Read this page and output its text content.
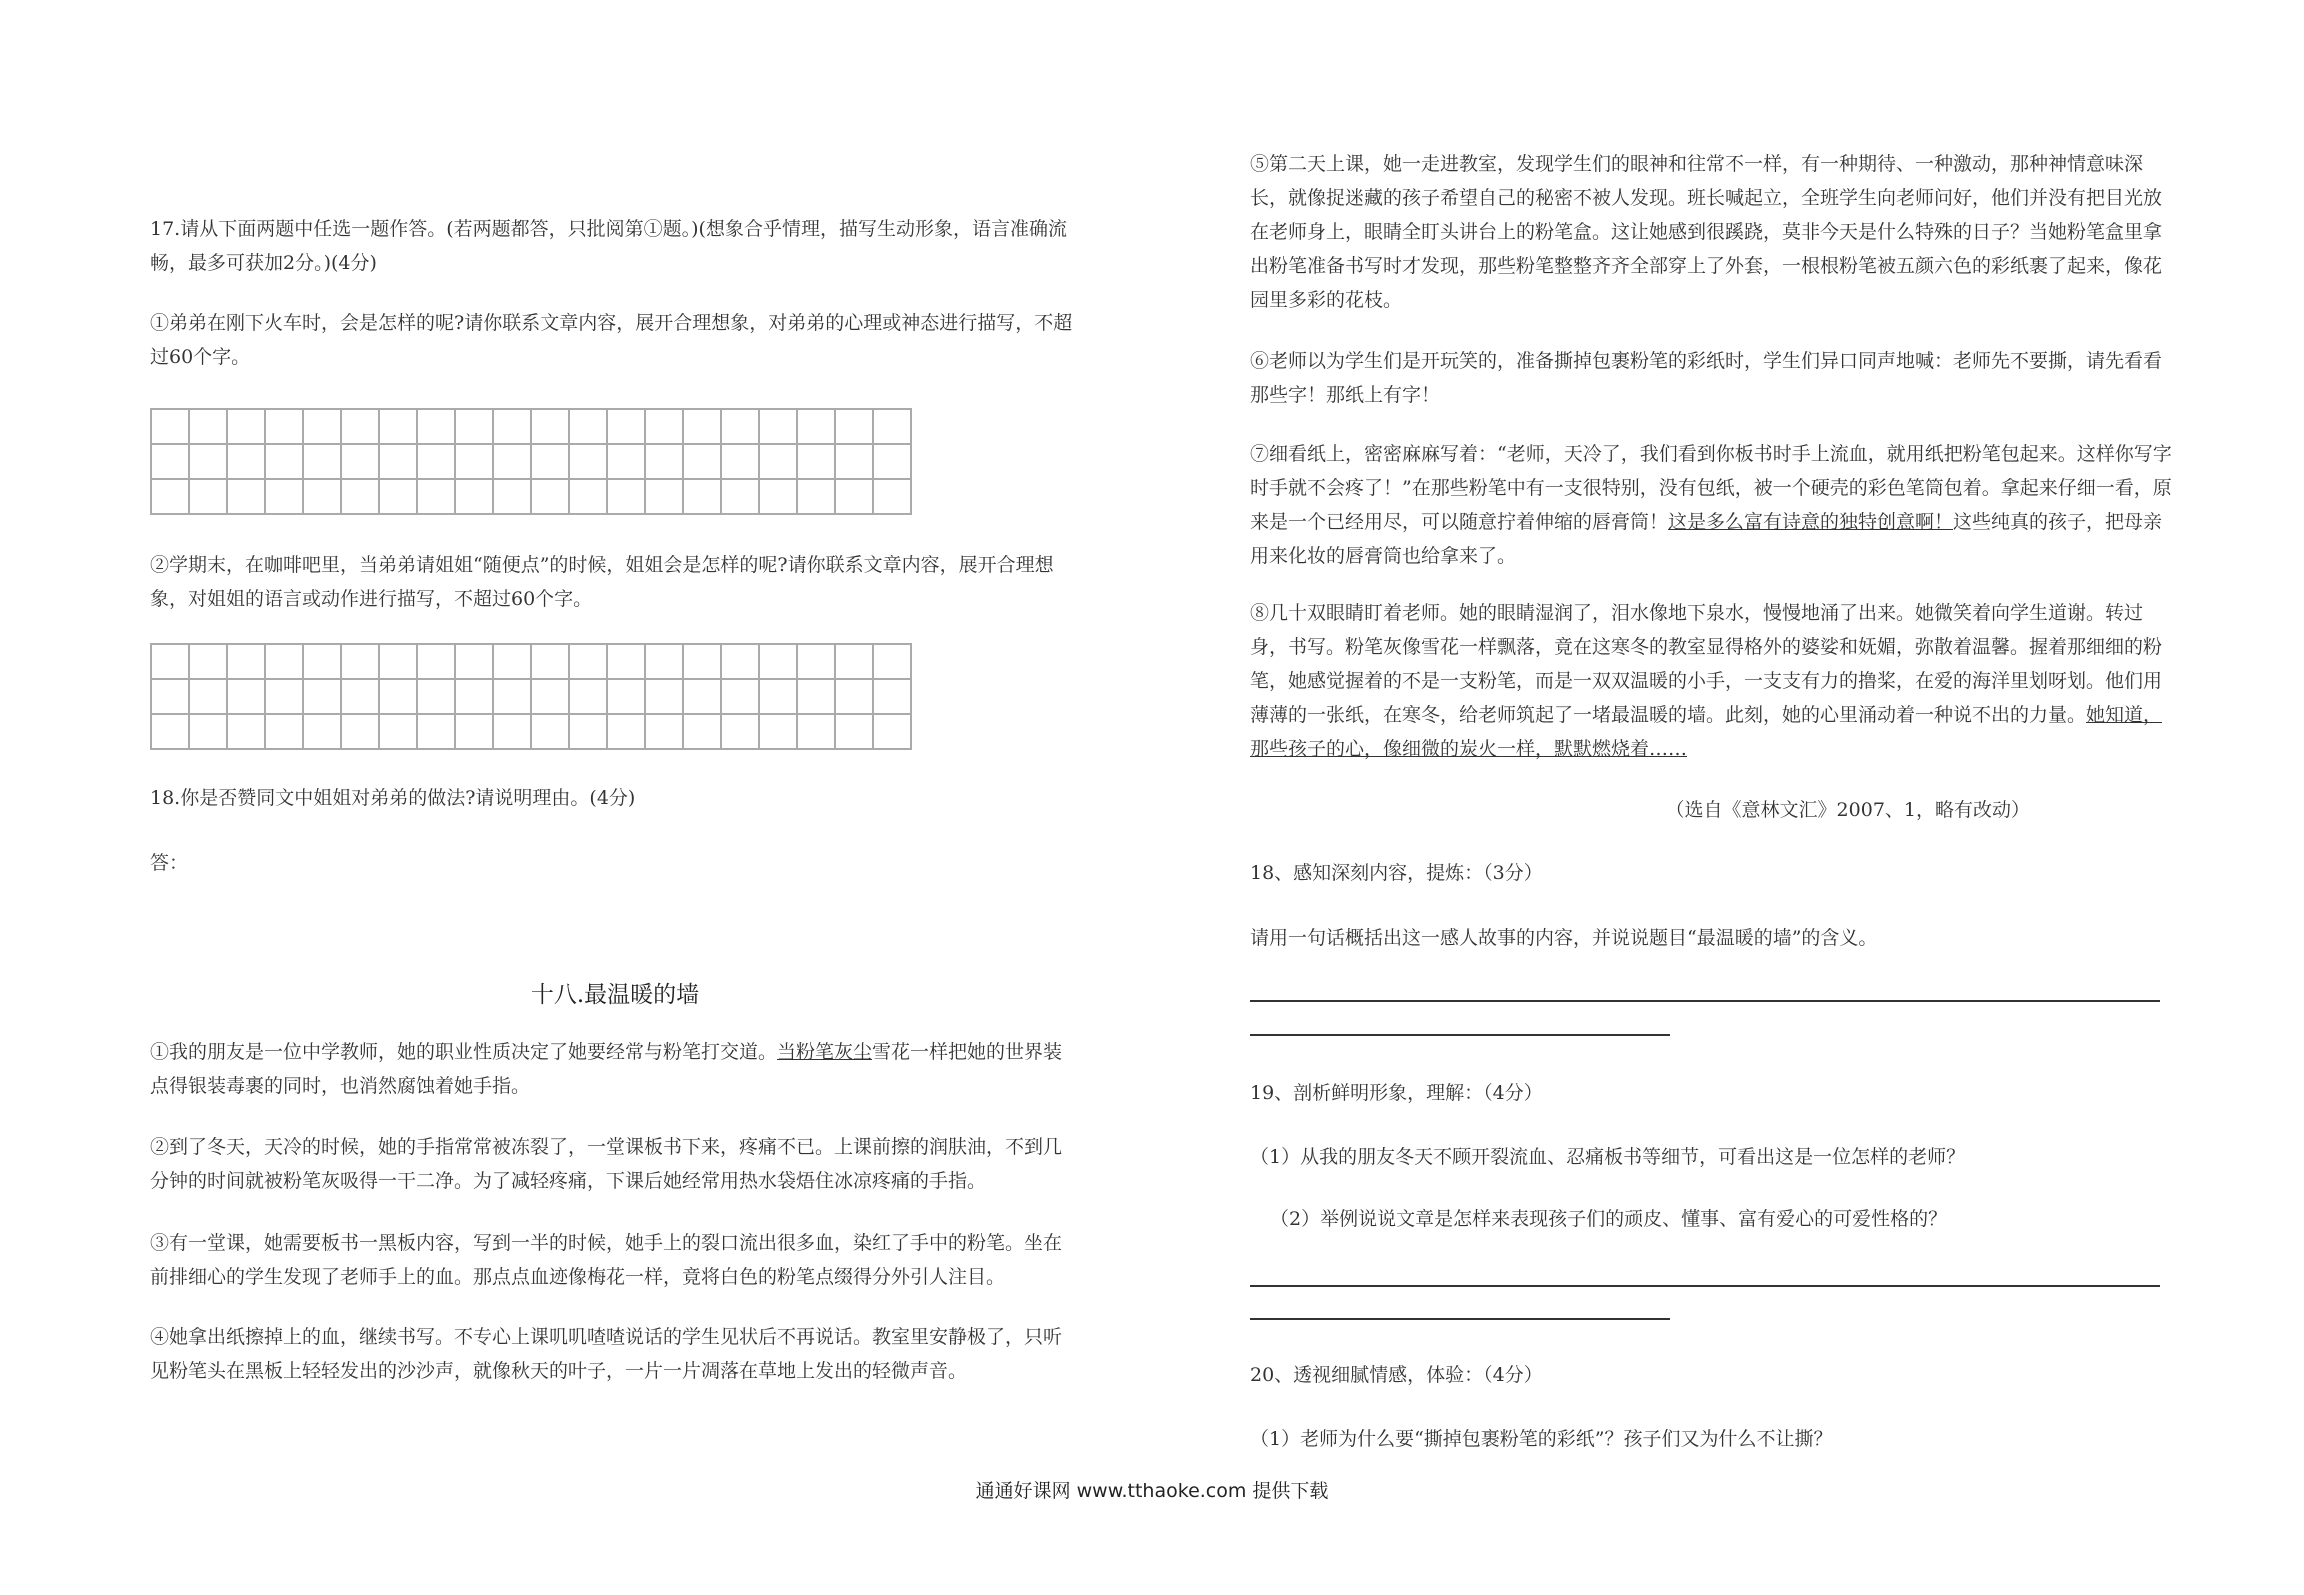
17.请从下面两题中任选一题作答。(若两题都答，只批阅第①题。)(想象合乎情理，描写生动形象，语言准确流畅，最多可获加2分。)(4分)

①弟弟在刚下火车时，会是怎样的呢?请你联系文章内容，展开合理想象，对弟弟的心理或神态进行描写，不超过60个字。

②学期末，在咖啡吧里，当弟弟请姐姐“随便点”的时候，姐姐会是怎样的呢?请你联系文章内容，展开合理想象，对姐姐的语言或动作进行描写，不超过60个字。

18.你是否赞同文中姐姐对弟弟的做法?请说明理由。(4分)

答：

十八.最温暖的墙

①我的朋友是一位中学教师，她的职业性质决定了她要经常与粉笔打交道。当粉笔灰尘雪花一样把她的世界装点得银装毒裹的同时，也消然腐蚀着她手指。

②到了冬天，天冷的时候，她的手指常常被冻裂了，一堂课板书下来，疼痛不已。上课前擦的润肤油，不到几分钟的时间就被粉笔灰吸得一干二净。为了减轻疼痛，下课后她经常用热水袋焐住冰凉疼痛的手指。

③有一堂课，她需要板书一黑板内容，写到一半的时候，她手上的裂口流出很多血，染红了手中的粉笔。坐在前排细心的学生发现了老师手上的血。那点点血迹像梅花一样，竟将白色的粉笔点缀得分外引人注目。

④她拿出纸擦掉上的血，继续书写。不专心上课叽叽喳喳说话的学生见状后不再说话。教室里安静极了，只听见粉笔头在黑板上轻轻发出的沙沙声，就像秋天的叶子，一片一片凋落在草地上发出的轻微声音。

⑤第二天上课，她一走进教室，发现学生们的眼神和往常不一样，有一种期待、一种激动，那种神情意味深长，就像捉迷藏的孩子希望自己的秘密不被人发现。班长喊起立，全班学生向老师问好，他们并没有把目光放在老师身上，眼睛全盯头讲台上的粉笔盒。这让她感到很蹊跷，莫非今天是什么特殊的日子？当她粉笔盒里拿出粉笔准备书写时才发现，那些粉笔整整齐齐全部穿上了外套，一根根粉笔被五颜六色的彩纸裹了起来，像花园里多彩的花枝。

⑥老师以为学生们是开玩笑的，准备撕掉包裹粉笔的彩纸时，学生们异口同声地喊：老师先不要撕，请先看看那些字！那纸上有字！

⑦细看纸上，密密麻麻写着：“老师，天冷了，我们看到你板书时手上流血，就用纸把粉笔包起来。这样你写字时手就不会疼了！”在那些粉笔中有一支很特别，没有包纸，被一个硬壳的彩色笔筒包着。拿起来仔细一看，原来是一个已经用尽，可以随意拧着伸缩的唇膏筒！这是多么富有诗意的独特创意啊！这些纯真的孩子，把母亲用来化妆的唇膏筒也给拿来了。

⑧几十双眼睛盯着老师。她的眼睛湿润了，泪水像地下泉水，慢慢地涌了出来。她微笑着向学生道谢。转过身，书写。粉笔灰像雪花一样飘落，竟在这寒冬的教室显得格外的婆娑和妩媚，弥散着温馨。握着那细细的粉笔，她感觉握着的不是一支粉笔，而是一双双温暖的小手，一支支有力的撸桨，在爱的海洋里划呀划。他们用薄薄的一张纸，在寒冬，给老师筑起了一堵最温暖的墙。此刻，她的心里涌动着一种说不出的力量。她知道，那些孩子的心，像细微的炭火一样，默默燃烧着……

（选自《意林文汇》2007、1，略有改动）

18、感知深刻内容，提炼：（3分）

请用一句话概括出这一感人故事的内容，并说说题目“最温暖的墙”的含义。

19、剖析鲜明形象，理解：（4分）

（1）从我的朋友冬天不顾开裂流血、忍痛板书等细节，可看出这是一位怎样的老师？

（2）举例说说文章是怎样来表现孩子们的顽皮、懂事、富有爱心的可爱性格的？

20、透视细腻情感，体验：（4分）

（1）老师为什么要“撕掉包裹粉笔的彩纸”？孩子们又为什么不让撕？

通通好课网 www.tthaoke.com 提供下载
